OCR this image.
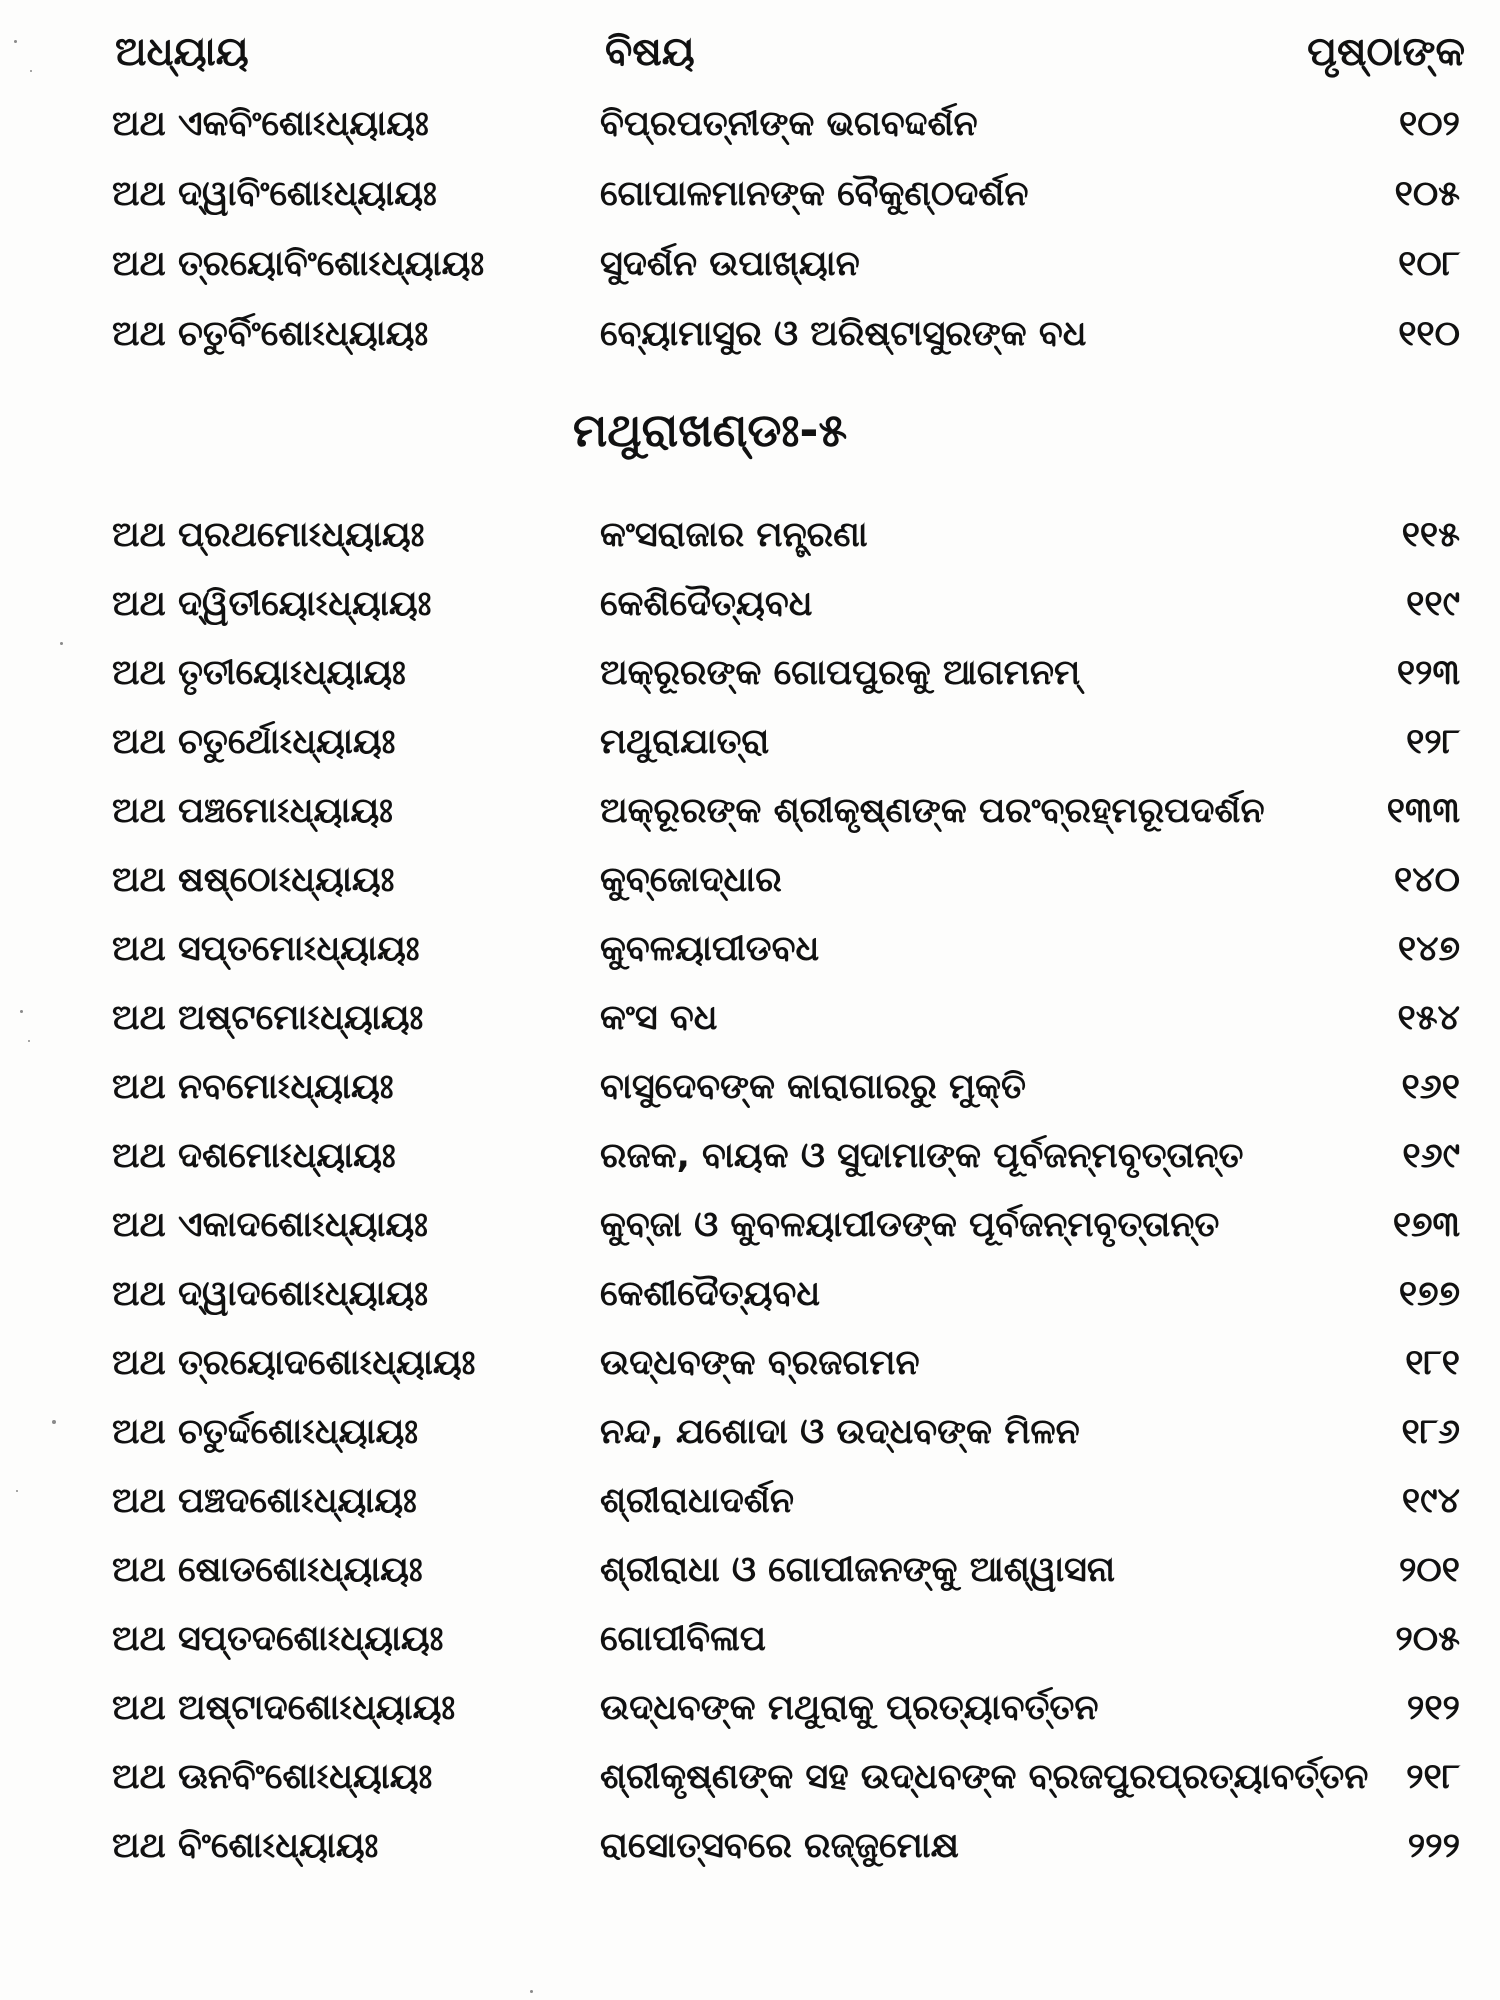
ଅଧ୍ୟାୟ	ବିଷୟ	ପୃଷ୍ଠାଙ୍କ
ଅଥ ଏକବିଂଶୋଽଧ୍ୟାୟଃ	ବିପ୍ରପତ୍ନୀଙ୍କ ଭଗବଦ୍ଦର୍ଶନ	୧୦୨
ଅଥ ଦ୍ୱାବିଂଶୋଽଧ୍ୟାୟଃ	ଗୋପାଳମାନଙ୍କ ବୈକୁଣ୍ଠଦର୍ଶନ	୧୦୫
ଅଥ ତ୍ରୟୋବିଂଶୋଽଧ୍ୟାୟଃ	ସୁଦର୍ଶନ ଉପାଖ୍ୟାନ	୧୦୮
ଅଥ ଚତୁର୍ବିଂଶୋଽଧ୍ୟାୟଃ	ବ୍ୟୋମାସୁର ଓ ଅରିଷ୍ଟାସୁରଙ୍କ ବଧ	୧୧୦
ମଥୁରାଖଣ୍ଡଃ-୫
ଅଥ ପ୍ରଥମୋଽଧ୍ୟାୟଃ	କଂସରାଜାର ମନ୍ତ୍ରଣା	୧୧୫
ଅଥ ଦ୍ୱିତୀୟୋଽଧ୍ୟାୟଃ	କେଶିଦୈତ୍ୟବଧ	୧୧୯
ଅଥ ତୃତୀୟୋଽଧ୍ୟାୟଃ	ଅକ୍ରୂରଙ୍କ ଗୋପପୁରକୁ ଆଗମନମ୍	୧୨୩
ଅଥ ଚତୁର୍ଥୋଽଧ୍ୟାୟଃ	ମଥୁରାଯାତ୍ରା	୧୨୮
ଅଥ ପଞ୍ଚମୋଽଧ୍ୟାୟଃ	ଅକ୍ରୂରଙ୍କ ଶ୍ରୀକୃଷ୍ଣଙ୍କ ପରଂବ୍ରହ୍ମରୂପଦର୍ଶନ	୧୩୩
ଅଥ ଷଷ୍ଠୋଽଧ୍ୟାୟଃ	କୁବ୍ଜୋଦ୍ଧାର	୧୪୦
ଅଥ ସପ୍ତମୋଽଧ୍ୟାୟଃ	କୁବଳୟାପୀଡବଧ	୧୪୭
ଅଥ ଅଷ୍ଟମୋଽଧ୍ୟାୟଃ	କଂସ ବଧ	୧୫୪
ଅଥ ନବମୋଽଧ୍ୟାୟଃ	ବାସୁଦେବଙ୍କ କାରାଗାରରୁ ମୁକ୍ତି	୧୬୧
ଅଥ ଦଶମୋଽଧ୍ୟାୟଃ	ରଜକ, ବାୟକ ଓ ସୁଦାମାଙ୍କ ପୂର୍ବଜନ୍ମବୃତ୍ତାନ୍ତ	୧୬୯
ଅଥ ଏକାଦଶୋଽଧ୍ୟାୟଃ	କୁବ୍ଜା ଓ କୁବଳୟାପୀଡଙ୍କ ପୂର୍ବଜନ୍ମବୃତ୍ତାନ୍ତ	୧୭୩
ଅଥ ଦ୍ୱାଦଶୋଽଧ୍ୟାୟଃ	କେଶୀଦୈତ୍ୟବଧ	୧୭୭
ଅଥ ତ୍ରୟୋଦଶୋଽଧ୍ୟାୟଃ	ଉଦ୍ଧବଙ୍କ ବ୍ରଜଗମନ	୧୮୧
ଅଥ ଚତୁର୍ଦ୍ଦଶୋଽଧ୍ୟାୟଃ	ନନ୍ଦ, ଯଶୋଦା ଓ ଉଦ୍ଧବଙ୍କ ମିଳନ	୧୮୬
ଅଥ ପଞ୍ଚଦଶୋଽଧ୍ୟାୟଃ	ଶ୍ରୀରାଧାଦର୍ଶନ	୧୯୪
ଅଥ ଷୋଡଶୋଽଧ୍ୟାୟଃ	ଶ୍ରୀରାଧା ଓ ଗୋପୀଜନଙ୍କୁ ଆଶ୍ୱାସନା	୨୦୧
ଅଥ ସପ୍ତଦଶୋଽଧ୍ୟାୟଃ	ଗୋପୀବିଳାପ	୨୦୫
ଅଥ ଅଷ୍ଟାଦଶୋଽଧ୍ୟାୟଃ	ଉଦ୍ଧବଙ୍କ ମଥୁରାକୁ ପ୍ରତ୍ୟାବର୍ତ୍ତନ	୨୧୨
ଅଥ ଊନବିଂଶୋଽଧ୍ୟାୟଃ	ଶ୍ରୀକୃଷ୍ଣଙ୍କ ସହ ଉଦ୍ଧବଙ୍କ ବ୍ରଜପୁରପ୍ରତ୍ୟାବର୍ତ୍ତନ ୨୧୮
ଅଥ ବିଂଶୋଽଧ୍ୟାୟଃ	ରାସୋତ୍ସବରେ ରଜ୍ଜୁମୋକ୍ଷ	୨୨୨
